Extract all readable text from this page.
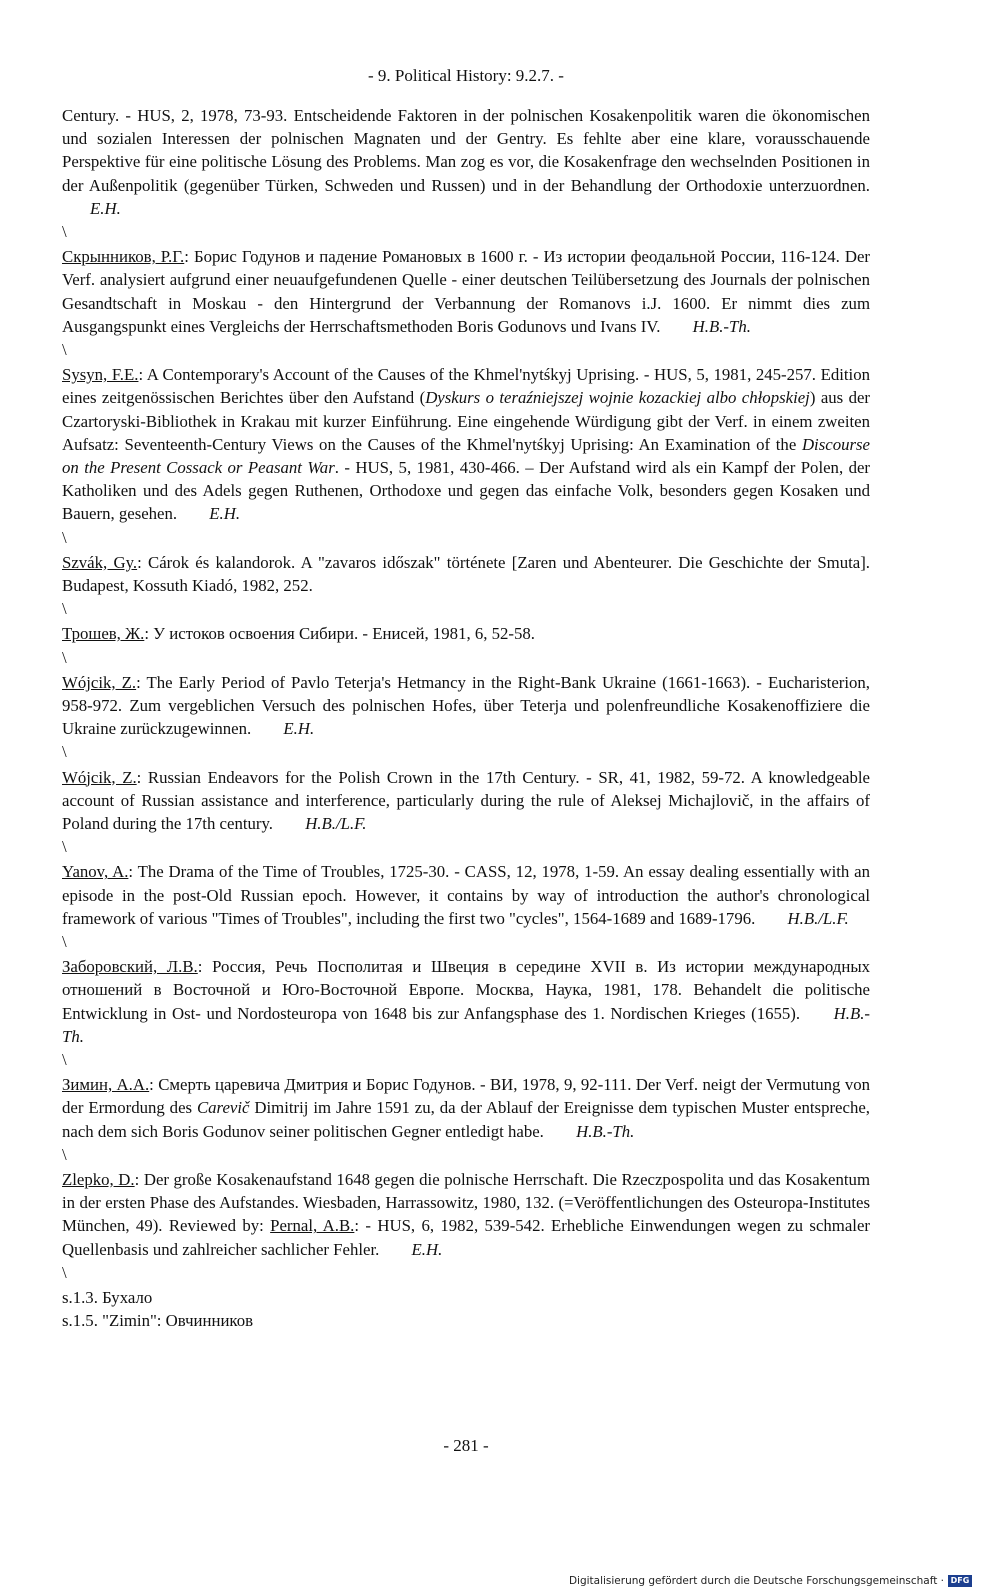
- 9. Political History: 9.2.7. -

Century. - HUS, 2, 1978, 73-93. Entscheidende Faktoren in der polnischen Kosakenpolitik waren die ökonomischen und sozialen Interessen der polnischen Magnaten und der Gentry. Es fehlte aber eine klare, vorausschauende Perspektive für eine politische Lösung des Problems. Man zog es vor, die Kosakenfrage den wechselnden Positionen in der Außenpolitik (gegenüber Türken, Schweden und Russen) und in der Behandlung der Orthodoxie unterzuordnen. E.H.

\

Скрынников, Р.Г.: Борис Годунов и падение Романовых в 1600 г. - Из истории феодальной России, 116-124. Der Verf. analysiert aufgrund einer neuaufgefundenen Quelle - einer deutschen Teilübersetzung des Journals der polnischen Gesandtschaft in Moskau - den Hintergrund der Verbannung der Romanovs i.J. 1600. Er nimmt dies zum Ausgangspunkt eines Vergleichs der Herrschaftsmethoden Boris Godunovs und Ivans IV. H.B.-Th.

\

Sysyn, F.E.: A Contemporary's Account of the Causes of the Khmel'nytśkyj Uprising. - HUS, 5, 1981, 245-257. Edition eines zeitgenössischen Berichtes über den Aufstand (Dyskurs o teraźniejszej wojnie kozackiej albo chłopskiej) aus der Czartoryski-Bibliothek in Krakau mit kurzer Einführung. Eine eingehende Würdigung gibt der Verf. in einem zweiten Aufsatz: Seventeenth-Century Views on the Causes of the Khmel'nytśkyj Uprising: An Examination of the Discourse on the Present Cossack or Peasant War. - HUS, 5, 1981, 430-466. – Der Aufstand wird als ein Kampf der Polen, der Katholiken und des Adels gegen Ruthenen, Orthodoxe und gegen das einfache Volk, besonders gegen Kosaken und Bauern, gesehen. E.H.

\

Szvák, Gy.: Cárok és kalandorok. A "zavaros időszak" története [Zaren und Abenteurer. Die Geschichte der Smuta]. Budapest, Kossuth Kiadó, 1982, 252.

\

Трошев, Ж.: У истоков освоения Сибири. - Енисей, 1981, 6, 52-58.

\

Wójcik, Z.: The Early Period of Pavlo Teterja's Hetmancy in the Right-Bank Ukraine (1661-1663). - Eucharisterion, 958-972. Zum vergeblichen Versuch des polnischen Hofes, über Teterja und polenfreundliche Kosakenoffiziere die Ukraine zurückzugewinnen. E.H.

\

Wójcik, Z.: Russian Endeavors for the Polish Crown in the 17th Century. - SR, 41, 1982, 59-72. A knowledgeable account of Russian assistance and interference, particularly during the rule of Aleksej Michajlovič, in the affairs of Poland during the 17th century. H.B./L.F.

\

Yanov, A.: The Drama of the Time of Troubles, 1725-30. - CASS, 12, 1978, 1-59. An essay dealing essentially with an episode in the post-Old Russian epoch. However, it contains by way of introduction the author's chronological framework of various "Times of Troubles", including the first two "cycles", 1564-1689 and 1689-1796. H.B./L.F.

\

Заборовский, Л.В.: Россия, Речь Посполитая и Швеция в середине XVII в. Из истории международных отношений в Восточной и Юго-Восточной Европе. Москва, Наука, 1981, 178. Behandelt die politische Entwicklung in Ost- und Nordosteuropa von 1648 bis zur Anfangsphase des 1. Nordischen Krieges (1655). H.B.-Th.

\

Зимин, А.А.: Смерть царевича Дмитрия и Борис Годунов. - ВИ, 1978, 9, 92-111. Der Verf. neigt der Vermutung von der Ermordung des Carevič Dimitrij im Jahre 1591 zu, da der Ablauf der Ereignisse dem typischen Muster entspreche, nach dem sich Boris Godunov seiner politischen Gegner entledigt habe. H.B.-Th.

\

Zlepko, D.: Der große Kosakenaufstand 1648 gegen die polnische Herrschaft. Die Rzeczpospolita und das Kosakentum in der ersten Phase des Aufstandes. Wiesbaden, Harrassowitz, 1980, 132. (=Veröffentlichungen des Osteuropa-Institutes München, 49). Reviewed by: Pernal, A.B.: - HUS, 6, 1982, 539-542. Erhebliche Einwendungen wegen zu schmaler Quellenbasis und zahlreicher sachlicher Fehler. E.H.

\

s.1.3. Бухало

s.1.5. "Zimin": Овчинников

- 281 -
Digitalisierung gefördert durch die Deutsche Forschungsgemeinschaft · DFG
